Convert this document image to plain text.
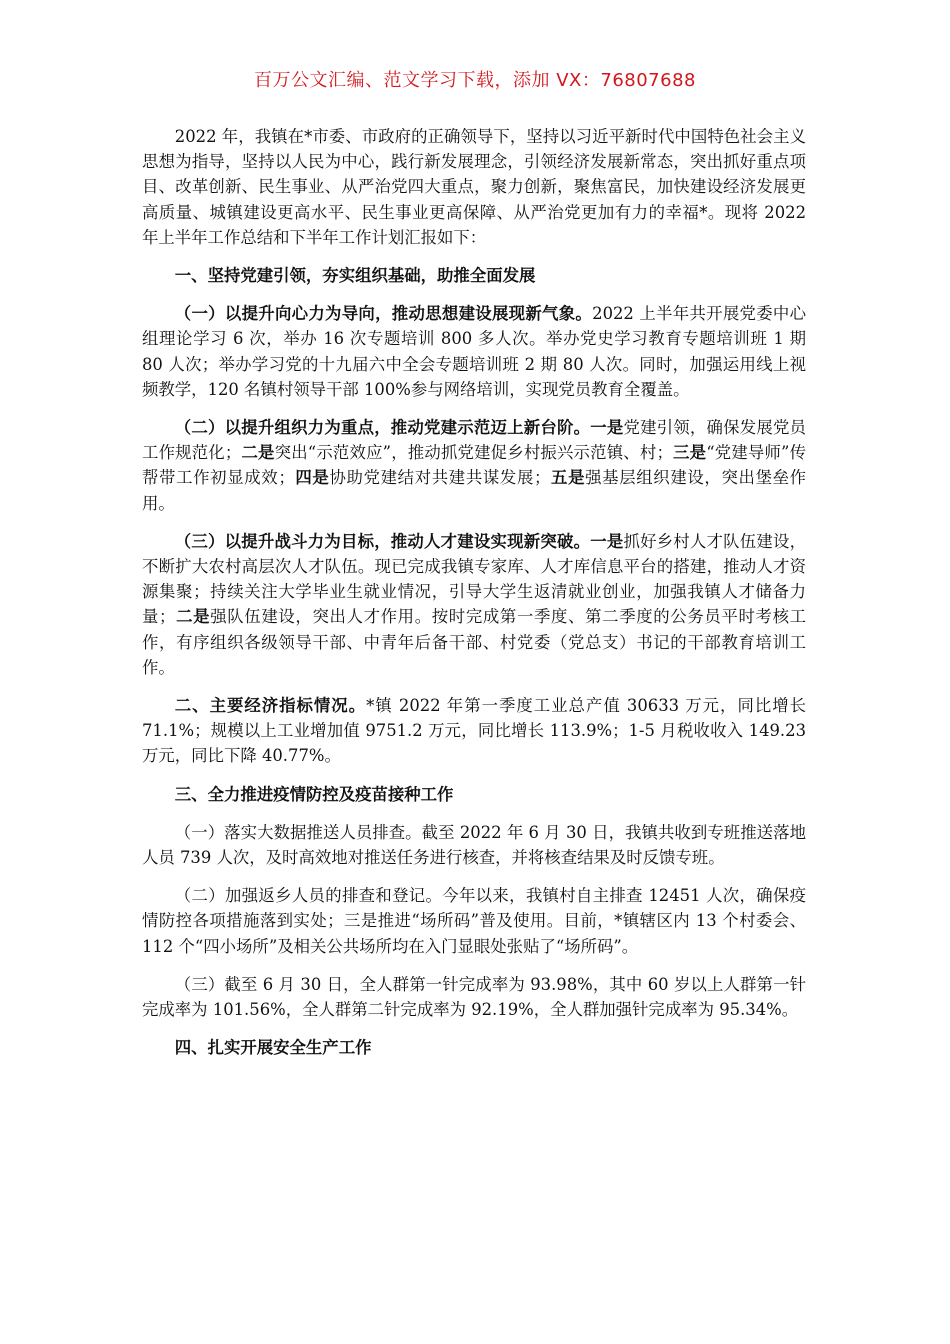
百万公文汇编、范文学习下载，添加 VX：76807688

2022 年，我镇在*市委、市政府的正确领导下，坚持以习近平新时代中国特色社会主义思想为指导，坚持以人民为中心，践行新发展理念，引领经济发展新常态，突出抓好重点项目、改革创新、民生事业、从严治党四大重点，聚力创新，聚焦富民，加快建设经济发展更高质量、城镇建设更高水平、民生事业更高保障、从严治党更加有力的幸福*。现将 2022 年上半年工作总结和下半年工作计划汇报如下：

一、坚持党建引领，夯实组织基础，助推全面发展

（一）以提升向心力为导向，推动思想建设展现新气象。2022 上半年共开展党委中心组理论学习 6 次，举办 16 次专题培训 800 多人次。举办党史学习教育专题培训班 1 期 80 人次；举办学习党的十九届六中全会专题培训班 2 期 80 人次。同时，加强运用线上视频教学，120 名镇村领导干部 100%参与网络培训，实现党员教育全覆盖。

（二）以提升组织力为重点，推动党建示范迈上新台阶。一是党建引领，确保发展党员工作规范化；二是突出“示范效应”，推动抓党建促乡村振兴示范镇、村；三是“党建导师”传帮带工作初显成效；四是协助党建结对共建共谋发展；五是强基层组织建设，突出堡垒作用。

（三）以提升战斗力为目标，推动人才建设实现新突破。一是抓好乡村人才队伍建设，不断扩大农村高层次人才队伍。现已完成我镇专家库、人才库信息平台的搭建，推动人才资源集聚；持续关注大学毕业生就业情况，引导大学生返清就业创业，加强我镇人才储备力量；二是强队伍建设，突出人才作用。按时完成第一季度、第二季度的公务员平时考核工作，有序组织各级领导干部、中青年后备干部、村党委（党总支）书记的干部教育培训工作。

二、主要经济指标情况。*镇 2022 年第一季度工业总产值 30633 万元，同比增长 71.1%；规模以上工业增加值 9751.2 万元，同比增长 113.9%；1-5 月税收收入 149.23 万元，同比下降 40.77%。

三、全力推进疫情防控及疫苗接种工作

（一）落实大数据推送人员排查。截至 2022 年 6 月 30 日，我镇共收到专班推送落地人员 739 人次，及时高效地对推送任务进行核查，并将核查结果及时反馈专班。

（二）加强返乡人员的排查和登记。今年以来，我镇村自主排查 12451 人次，确保疫情防控各项措施落到实处；三是推进“场所码”普及使用。目前，*镇辖区内 13 个村委会、112 个“四小场所”及相关公共场所均在入门显眼处张贴了“场所码”。

（三）截至 6 月 30 日，全人群第一针完成率为 93.98%，其中 60 岁以上人群第一针完成率为 101.56%，全人群第二针完成率为 92.19%，全人群加强针完成率为 95.34%。

四、扎实开展安全生产工作
